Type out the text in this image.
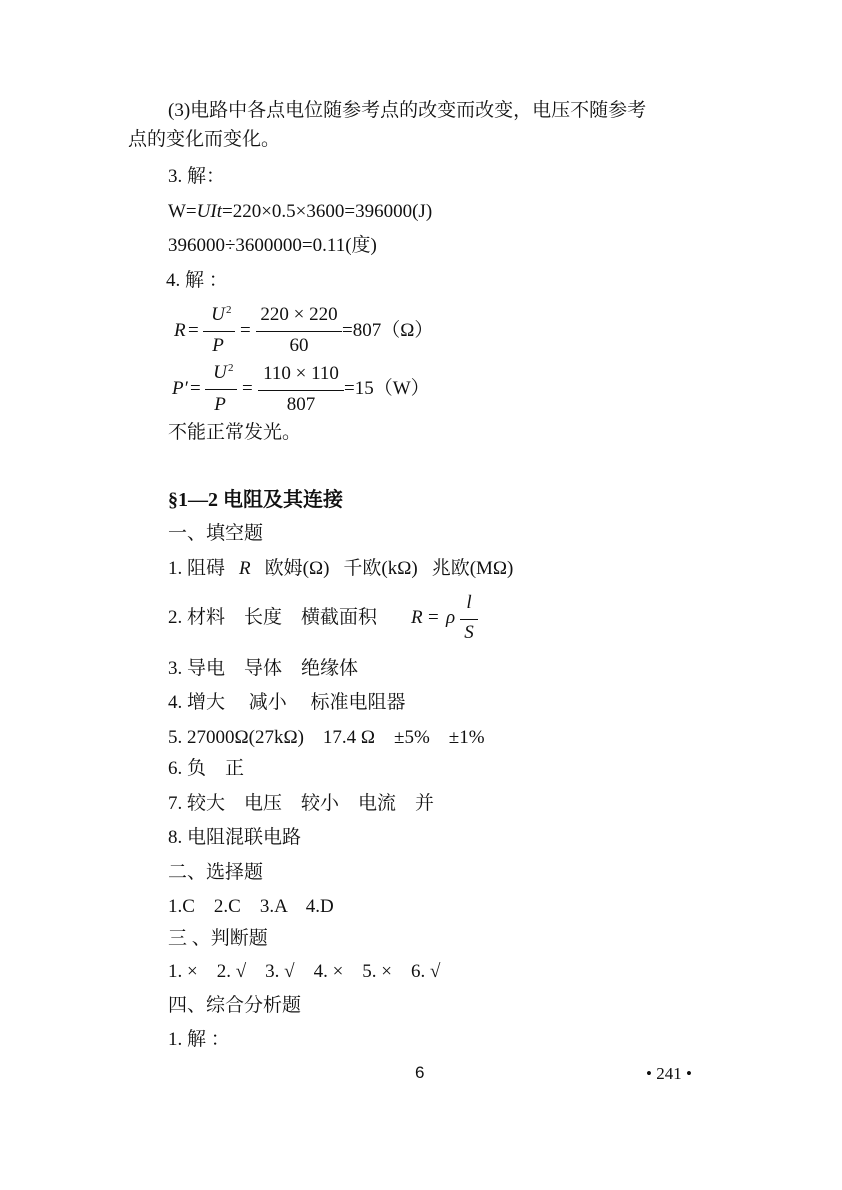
(3)电路中各点电位随参考点的改变而改变，电压不随参考
点的变化而变化。
3. 解：
W=UIt=220×0.5×3600=396000(J)
396000÷3600000=0.11(度)
4. 解 ：
R =
U 2
P
=
220 × 220
60
=807（Ω）
P′ =
U 2
P
=
110 × 110
807
=15（W）
不能正常发光。
§1—2 电阻及其连接
一、填空题
1. 阻碍 R 欧姆(Ω) 千欧(kΩ) 兆欧(MΩ)
2. 材料　长度　横截面积 R = ρ
l
S
3. 导电　导体　绝缘体
4. 增大　 减小　 标准电阻器
5. 27000Ω(27kΩ)　17.4 Ω　±5%　±1%
6. 负　正
7. 较大　电压　较小　电流　并
8. 电阻混联电路
二、选择题
1.C　2.C　3.A　4.D
三 、判断题
1. ×　2. √　3. √　4. ×　5. ×　6. √
四、综合分析题
1. 解 ：
6	• 241 •
